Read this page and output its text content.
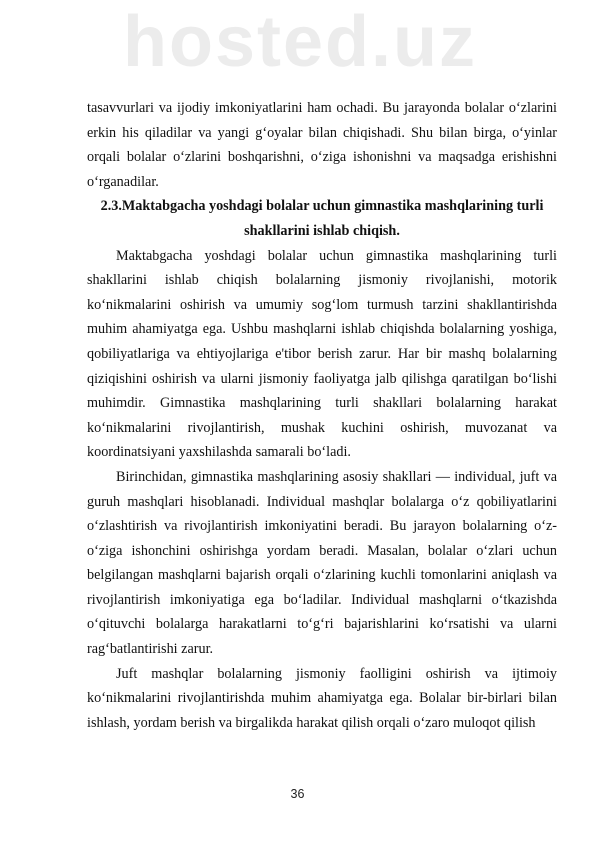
hosted.uz

tasavvurlari va ijodiy imkoniyatlarini ham ochadi. Bu jarayonda bolalar o‘zlarini erkin his qiladilar va yangi g‘oyalar bilan chiqishadi. Shu bilan birga, o‘yinlar orqali bolalar o‘zlarini boshqarishni, o‘ziga ishonishni va maqsadga erishishni o‘rganadilar.

2.3.Maktabgacha yoshdagi bolalar uchun gimnastika mashqlarining turli shakllarini ishlab chiqish.

Maktabgacha yoshdagi bolalar uchun gimnastika mashqlarining turli shakllarini ishlab chiqish bolalarning jismoniy rivojlanishi, motorik ko‘nikmalarini oshirish va umumiy sog‘lom turmush tarzini shakllantirishda muhim ahamiyatga ega. Ushbu mashqlarni ishlab chiqishda bolalarning yoshiga, qobiliyatlariga va ehtiyojlariga e'tibor berish zarur. Har bir mashq bolalarning qiziqishini oshirish va ularni jismoniy faoliyatga jalb qilishga qaratilgan bo‘lishi muhimdir. Gimnastika mashqlarining turli shakllari bolalarning harakat ko‘nikmalarini rivojlantirish, mushak kuchini oshirish, muvozanat va koordinatsiyani yaxshilashda samarali bo‘ladi.

Birinchidan, gimnastika mashqlarining asosiy shakllari — individual, juft va guruh mashqlari hisoblanadi. Individual mashqlar bolalarga o‘z qobiliyatlarini o‘zlashtirish va rivojlantirish imkoniyatini beradi. Bu jarayon bolalarning o‘z-o‘ziga ishonchini oshirishga yordam beradi. Masalan, bolalar o‘zlari uchun belgilangan mashqlarni bajarish orqali o‘zlarining kuchli tomonlarini aniqlash va rivojlantirish imkoniyatiga ega bo‘ladilar. Individual mashqlarni o‘tkazishda o‘qituvchi bolalarga harakatlarni to‘g‘ri bajarishlarini ko‘rsatishi va ularni rag‘batlantirishi zarur.

Juft mashqlar bolalarning jismoniy faolligini oshirish va ijtimoiy ko‘nikmalarini rivojlantirishda muhim ahamiyatga ega. Bolalar bir-birlari bilan ishlash, yordam berish va birgalikda harakat qilish orqali o‘zaro muloqot qilish

36
